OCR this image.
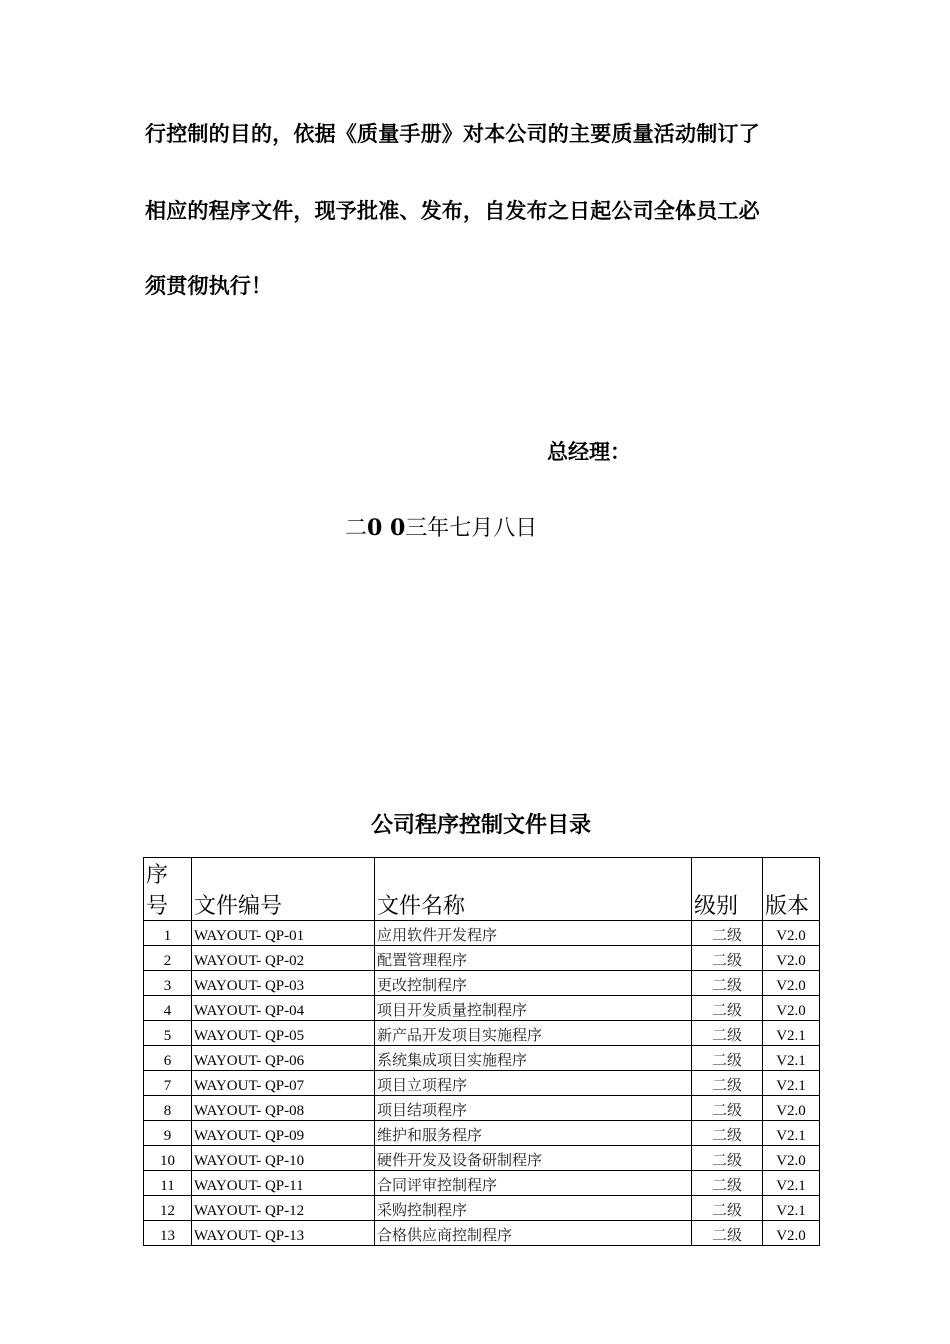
行控制的目的，依据《质量手册》对本公司的主要质量活动制订了
相应的程序文件，现予批准、发布，自发布之日起公司全体员工必
须贯彻执行！
总经理：
二0 0三年七月八日
公司程序控制文件目录
序号	文件编号	文件名称	级别	版本
1	WAYOUT- QP-01	应用软件开发程序	二级	V2.0
2	WAYOUT- QP-02	配置管理程序	二级	V2.0
3	WAYOUT- QP-03	更改控制程序	二级	V2.0
4	WAYOUT- QP-04	项目开发质量控制程序	二级	V2.0
5	WAYOUT- QP-05	新产品开发项目实施程序	二级	V2.1
6	WAYOUT- QP-06	系统集成项目实施程序	二级	V2.1
7	WAYOUT- QP-07	项目立项程序	二级	V2.1
8	WAYOUT- QP-08	项目结项程序	二级	V2.0
9	WAYOUT- QP-09	维护和服务程序	二级	V2.1
10	WAYOUT- QP-10	硬件开发及设备研制程序	二级	V2.0
11	WAYOUT- QP-11	合同评审控制程序	二级	V2.1
12	WAYOUT- QP-12	采购控制程序	二级	V2.1
13	WAYOUT- QP-13	合格供应商控制程序	二级	V2.0
